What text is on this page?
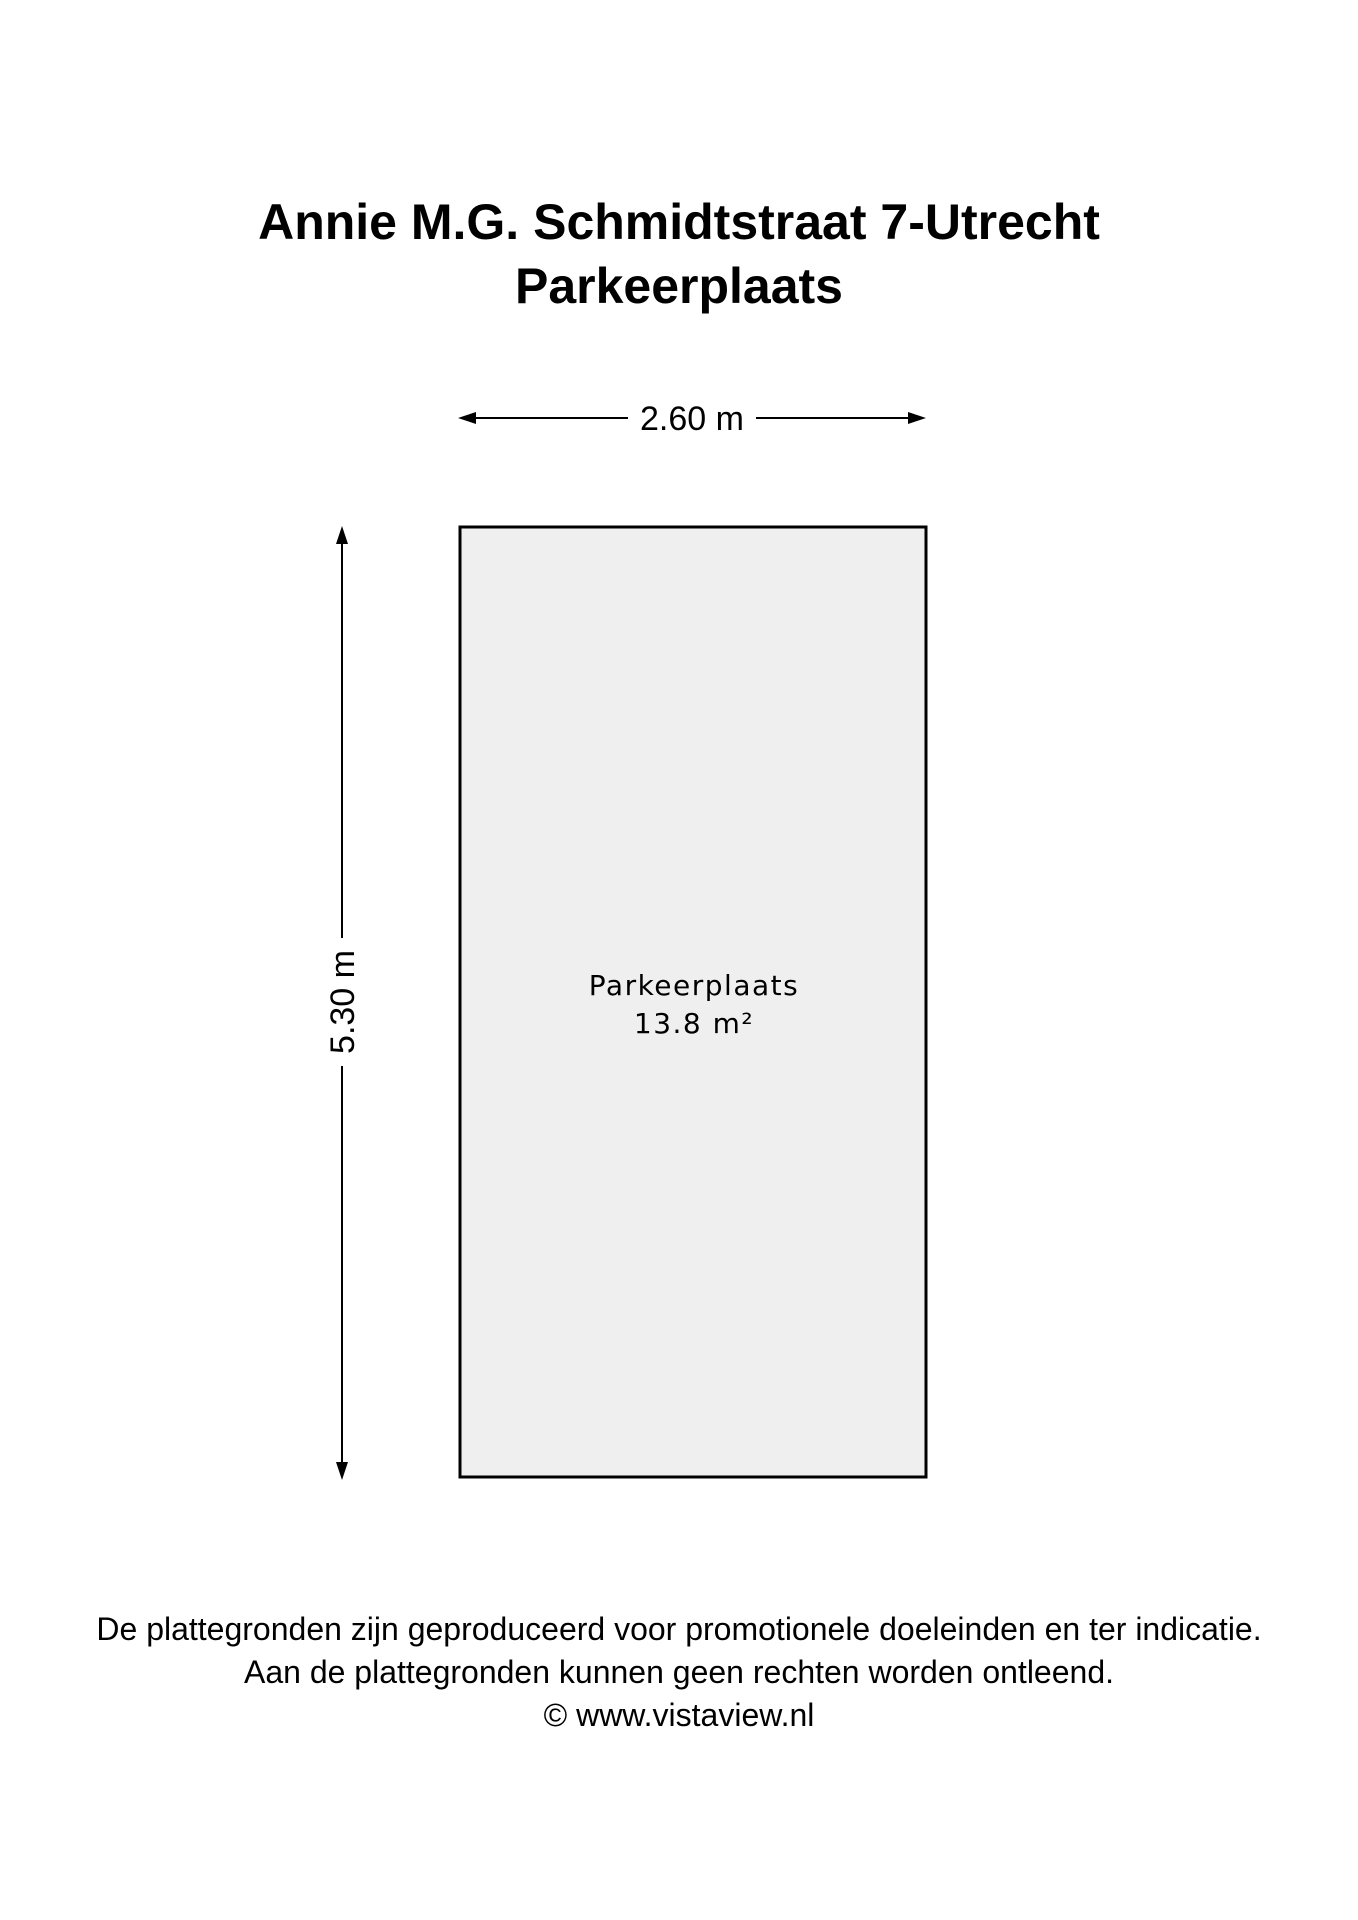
Annie M.G. Schmidtstraat 7-Utrecht
Parkeerplaats
2.60 m
5.30 m	Parkeerplaats
13.8 m²
De plattegronden zijn geproduceerd voor promotionele doeleinden en ter indicatie.
Aan de plattegronden kunnen geen rechten worden ontleend.
© www.vistaview.nl
